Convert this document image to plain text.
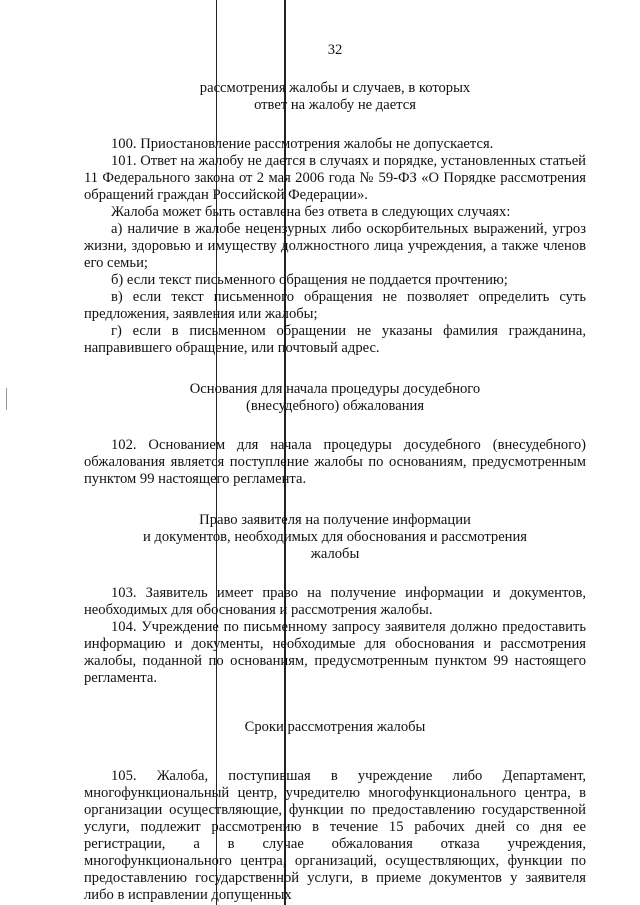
32

рассмотрения жалобы и случаев, в которых

ответ на жалобу не дается

100. Приостановление рассмотрения жалобы не допускается.

101. Ответ на жалобу не дается в случаях и порядке, установленных статьей 11 Федерального закона от 2 мая 2006 года № 59-ФЗ «О Порядке рассмотрения обращений граждан Российской Федерации».

Жалоба может быть оставлена без ответа в следующих случаях:

а) наличие в жалобе нецензурных либо оскорбительных выражений, угроз жизни, здоровью и имуществу должностного лица учреждения, а также членов его семьи;

б) если текст письменного обращения не поддается прочтению;

в) если текст письменного обращения не позволяет определить суть предложения, заявления или жалобы;

г) если в письменном обращении не указаны фамилия гражданина, направившего обращение, или почтовый адрес.

Основания для начала процедуры досудебного

(внесудебного) обжалования

102. Основанием для начала процедуры досудебного (внесудебного) обжалования является поступление жалобы по основаниям, предусмотренным пунктом 99 настоящего регламента.

Право заявителя на получение информации

и документов, необходимых для обоснования и рассмотрения

жалобы

103. Заявитель имеет право на получение информации и документов, необходимых для обоснования и рассмотрения жалобы.

104. Учреждение по письменному запросу заявителя должно предоставить информацию и документы, необходимые для обоснования и рассмотрения жалобы, поданной по основаниям, предусмотренным пунктом 99 настоящего регламента.

Сроки рассмотрения жалобы

105. Жалоба, поступившая в учреждение либо Департамент, многофункциональный центр, учредителю многофункционального центра, в организации осуществляющие, функции по предоставлению государственной услуги, подлежит рассмотрению в течение 15 рабочих дней со дня ее регистрации, а в случае обжалования отказа учреждения, многофункционального центра, организаций, осуществляющих, функции по предоставлению государственной услуги, в приеме документов у заявителя либо в исправлении допущенных
